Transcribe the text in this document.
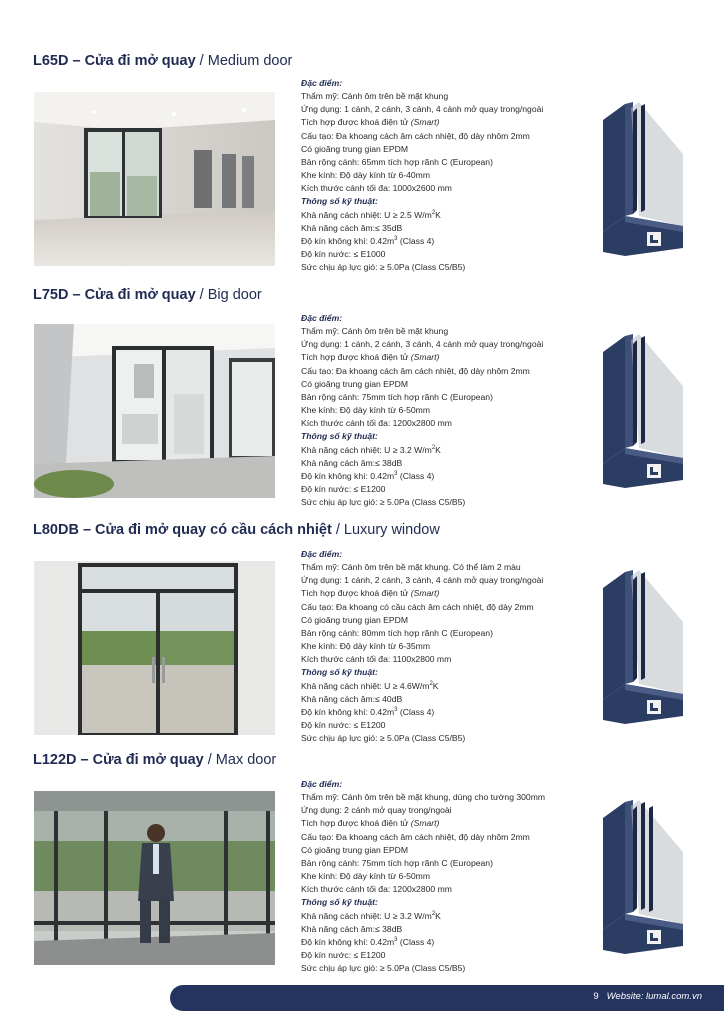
L65D – Cửa đi mở quay / Medium door
Đặc điểm:
Thẩm mỹ: Cánh ôm trên bề mặt khung
Ứng dụng: 1 cánh, 2 cánh, 3 cánh, 4 cánh mở quay trong/ngoài
Tích hợp được khoá điện tử (Smart)
Cấu tạo: Đa khoang cách âm cách nhiệt, độ dày nhôm 2mm
Có gioăng trung gian EPDM
Bản rộng cánh: 65mm tích hợp rãnh C (European)
Khe kính: Độ dày kính từ 6-40mm
Kích thước cánh tối đa: 1000x2600 mm
Thông số kỹ thuật:
Khả năng cách nhiệt: U ≥ 2.5 $W/m^2K$
Khả năng cách âm:≤ 35dB
Độ kín không khí: $0.42m^3$ (Class 4)
Độ kín nước: ≤ E1000
Sức chịu áp lực gió: ≥ 5.0Pa (Class C5/B5)
L75D – Cửa đi mở quay / Big door
Đặc điểm:
Thẩm mỹ: Cánh ôm trên bề mặt khung
Ứng dụng: 1 cánh, 2 cánh, 3 cánh, 4 cánh mở quay trong/ngoài
Tích hợp được khoá điện tử (Smart)
Cấu tạo: Đa khoang cách âm cách nhiệt, độ dày nhôm 2mm
Có gioăng trung gian EPDM
Bản rộng cánh: 75mm tích hợp rãnh C (European)
Khe kính: Độ dày kính từ 6-50mm
Kích thước cánh tối đa: 1200x2800 mm
Thông số kỹ thuật:
Khả năng cách nhiệt: U ≥ 3.2 $W/m^2K$
Khả năng cách âm:≤ 38dB
Độ kín không khí: $0.42m^3$ (Class 4)
Độ kín nước: ≤ E1200
Sức chịu áp lực gió: ≥ 5.0Pa (Class C5/B5)
L80DB – Cửa đi mở quay có cầu cách nhiệt / Luxury window
Đặc điểm:
Thẩm mỹ: Cánh ôm trên bề mặt khung. Có thể làm 2 màu
Ứng dụng: 1 cánh, 2 cánh, 3 cánh, 4 cánh mở quay trong/ngoài
Tích hợp được khoá điện tử (Smart)
Cấu tạo: Đa khoang có cầu cách âm cách nhiệt, độ dày 2mm
Có gioăng trung gian EPDM
Bản rộng cánh: 80mm tích hợp rãnh C (European)
Khe kính: Độ dày kính từ 6-35mm
Kích thước cánh tối đa: 1100x2800 mm
Thông số kỹ thuật:
Khả năng cách nhiệt: $U \ge 4.6W/m^2K$
Khả năng cách âm:≤ 40dB
Độ kín không khí: $0.42m^3$ (Class 4)
Độ kín nước: ≤ E1200
Sức chịu áp lực gió: ≥ 5.0Pa (Class C5/B5)
L122D – Cửa đi mở quay / Max door
Đặc điểm:
Thẩm mỹ: Cánh ôm trên bề mặt khung, dùng cho tường 300mm
Ứng dụng: 2 cánh mở quay trong/ngoài
Tích hợp được khoá điện tử (Smart)
Cấu tạo: Đa khoang cách âm cách nhiệt, độ dày nhôm 2mm
Có gioăng trung gian EPDM
Bản rộng cánh: 75mm tích hợp rãnh C (European)
Khe kính: Độ dày kính từ 6-50mm
Kích thước cánh tối đa: 1200x2800 mm
Thông số kỹ thuật:
Khả năng cách nhiệt: U ≥ 3.2 $W/m^2K$
Khả năng cách âm:≤ 38dB
Độ kín không khí: $0.42m^3$ (Class 4)
Độ kín nước: ≤ E1200
Sức chịu áp lực gió: ≥ 5.0Pa (Class C5/B5)
9 Website: lumal.com.vn
